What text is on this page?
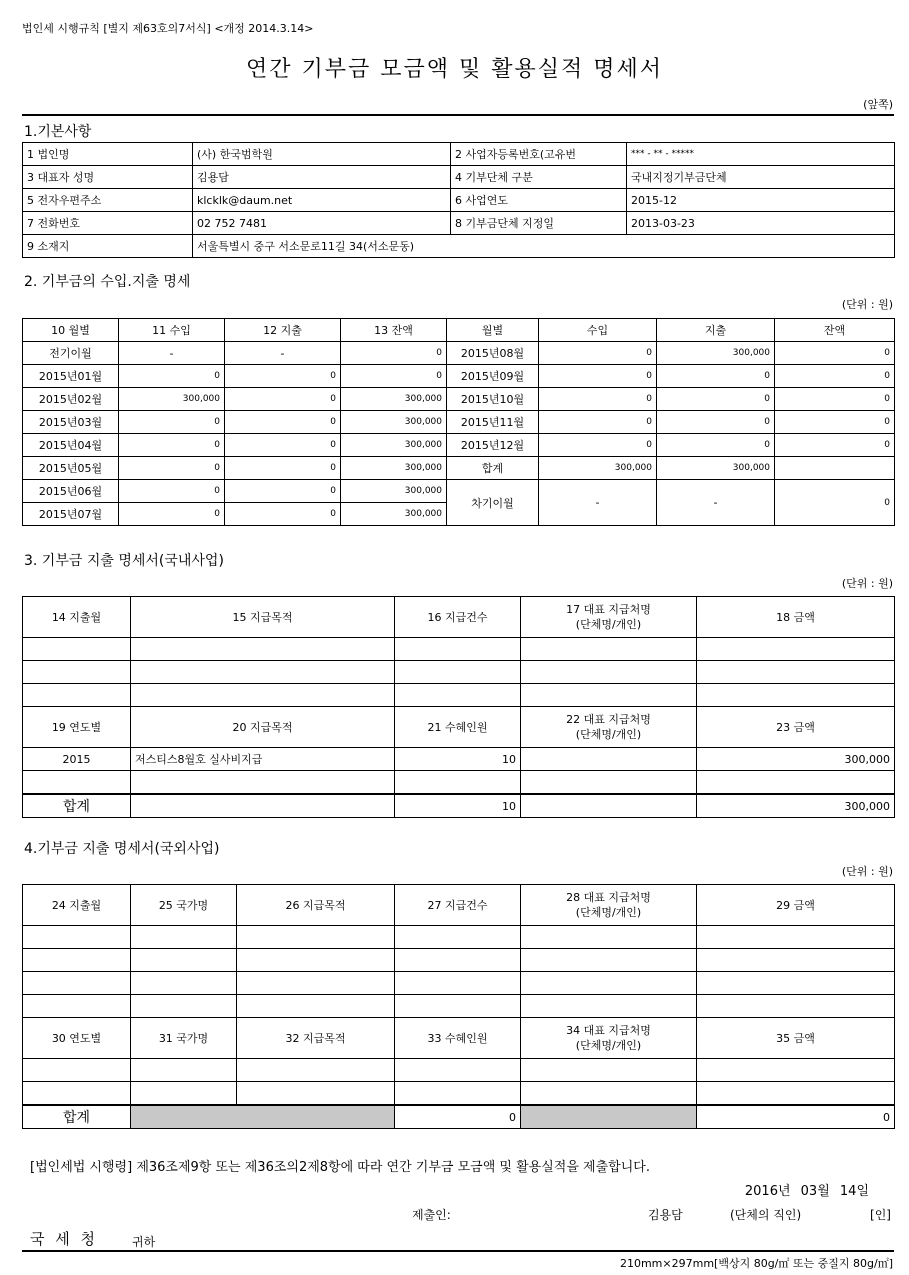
법인세 시행규칙 [별지 제63호의7서식] <개정 2014.3.14>
연간 기부금 모금액 및 활용실적 명세서
(앞쪽)
1.기본사항
1 법인명	(사) 한국범학원	2 사업자등록번호(고유번	*** - ** - *****
3 대표자 성명	김용담	4 기부단체 구분	국내지정기부금단체
5 전자우편주소	klcklk@daum.net	6 사업연도	2015-12
7 전화번호	02 752 7481	8 기부금단체 지정일	2013-03-23
9 소재지	서울특별시 중구 서소문로11길 34(서소문동)		
2. 기부금의 수입.지출 명세
(단위 : 원)
10 월별	11 수입	12 지출	13 잔액	월별	수입	지출	잔액
전기이월	-	-	0	2015년08월	0	300,000	0
2015년01월	0	0	0	2015년09월	0	0	0
2015년02월	300,000	0	300,000	2015년10월	0	0	0
2015년03월	0	0	300,000	2015년11월	0	0	0
2015년04월	0	0	300,000	2015년12월	0	0	0
2015년05월	0	0	300,000	합계	300,000	300,000	
2015년06월	0	0	300,000	차기이월	-	-	0
2015년07월	0	0	300,000				
3. 기부금 지출 명세서(국내사업)
(단위 : 원)
14 지출월	15 지급목적	16 지급건수	17 대표 지급처명
(단체명/개인)	18 금액

19 연도별	20 지급목적	21 수혜인원	22 대표 지급처명
(단체명/개인)	23 금액
2015	저스티스8월호 실사비지급	10		300,000

합계		10		300,000
4.기부금 지출 명세서(국외사업)
(단위 : 원)
24 지출월	25 국가명	26 지급목적	27 지급건수	28 대표 지급처명
(단체명/개인)	29 금액

30 연도별	31 국가명	32 지급목적	33 수혜인원	34 대표 지급처명
(단체명/개인)	35 금액

합계			0		0
[법인세법 시행령] 제36조제9항 또는 제36조의2제8항에 따라 연간 기부금 모금액 및 활용실적을 제출합니다.
2016년 03월 14일
제출인:	김용담	(단체의 직인)	[인]
국 세 청	귀하
210mm×297mm[백상지 80g/㎡ 또는 중질지 80g/㎡]
